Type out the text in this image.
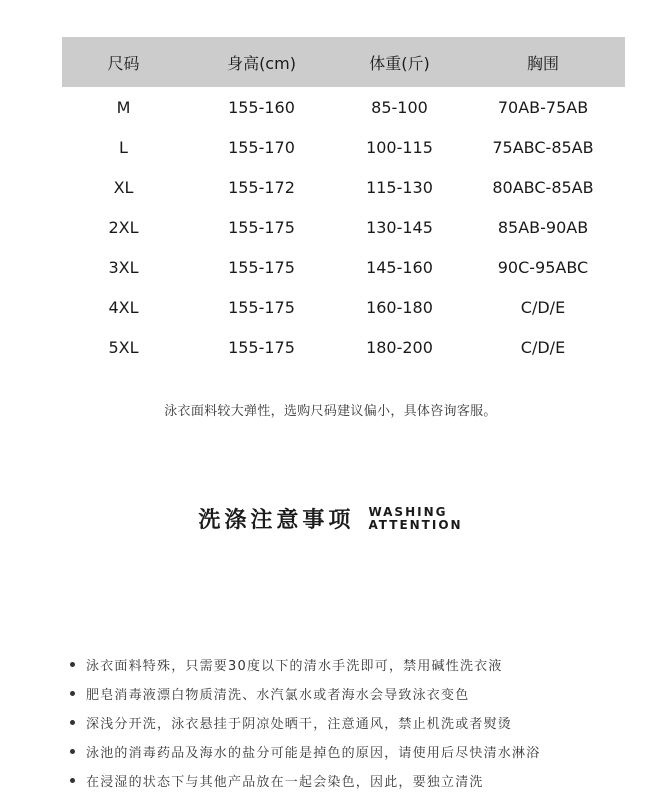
尺码	身高(cm)	体重(斤)	胸围
M	155-160	85-100	70AB-75AB
L	155-170	100-115	75ABC-85AB
XL	155-172	115-130	80ABC-85AB
2XL	155-175	130-145	85AB-90AB
3XL	155-175	145-160	90C-95ABC
4XL	155-175	160-180	C/D/E
5XL	155-175	180-200	C/D/E

泳衣面料较大弹性，选购尺码建议偏小，具体咨询客服。

洗涤注意事项 WASHING
ATTENTION
泳衣面料特殊，只需要30度以下的清水手洗即可，禁用碱性洗衣液
肥皂消毒液漂白物质清洗、水汽氯水或者海水会导致泳衣变色
深浅分开洗，泳衣悬挂于阴凉处晒干，注意通风，禁止机洗或者熨烫
泳池的消毒药品及海水的盐分可能是掉色的原因，请使用后尽快清水淋浴
在浸湿的状态下与其他产品放在一起会染色，因此，要独立清洗
